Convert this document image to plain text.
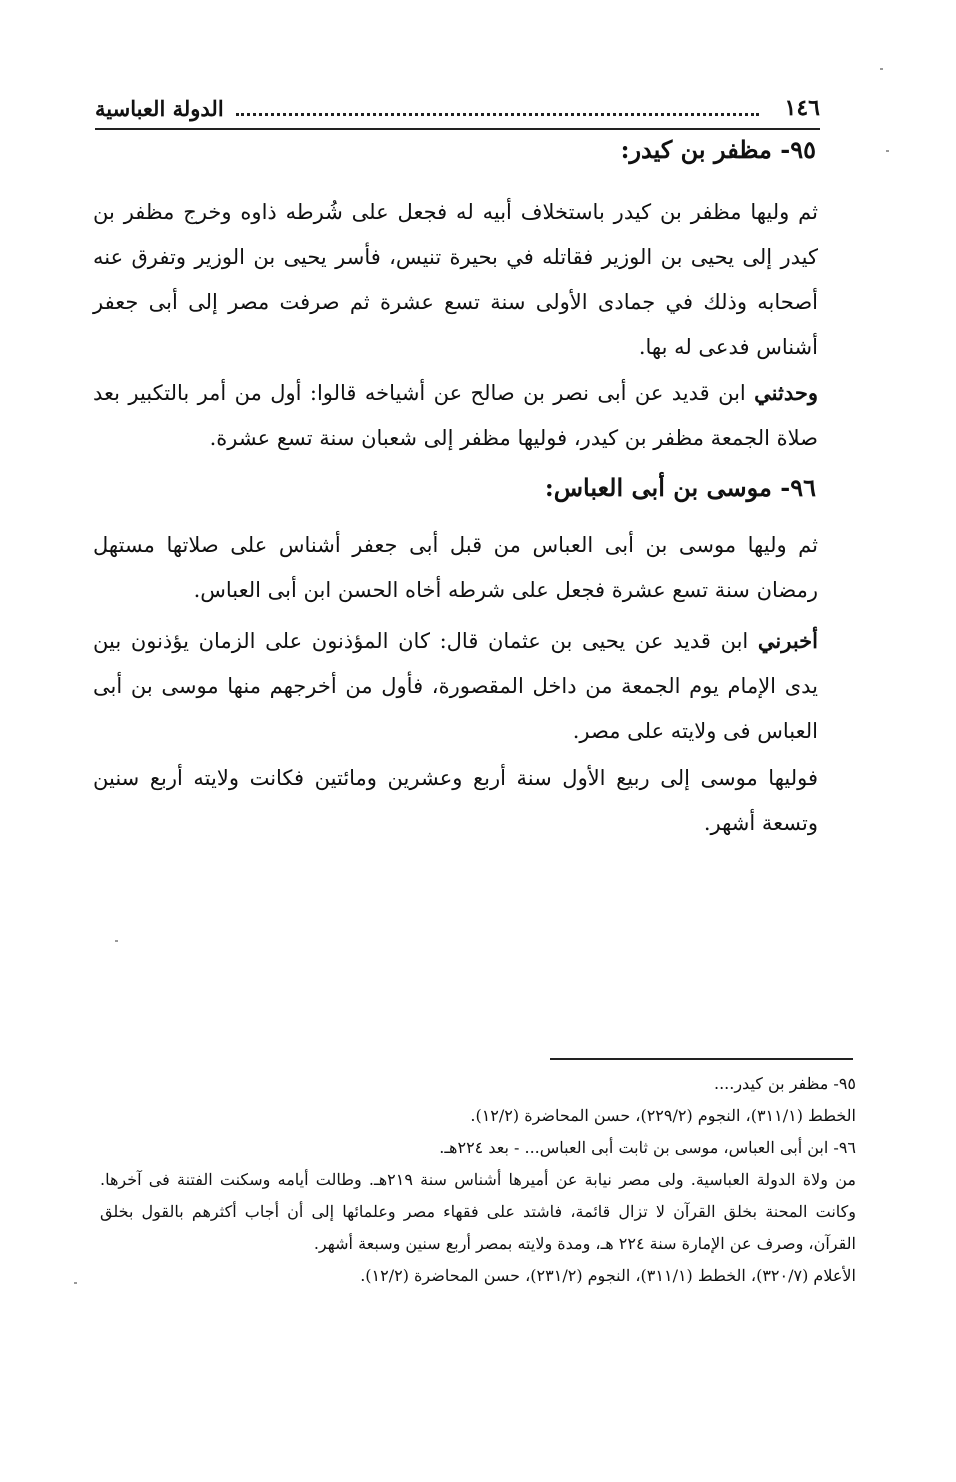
١٤٦
الدولة العباسية
٩٥- مظفر بن كيدر:
ثم وليها مظفر بن كيدر باستخلاف أبيه له فجعل على شُرطه ذاوه وخرج مظفر بن كيدر إلى يحيى بن الوزير فقاتله في بحيرة تنيس، فأسر يحيى بن الوزير وتفرق عنه أصحابه وذلك في جمادى الأولى سنة تسع عشرة ثم صرفت مصر إلى أبى جعفر أشناس فدعى له بها.
وحدثني ابن قديد عن أبى نصر بن صالح عن أشياخه قالوا: أول من أمر بالتكبير بعد صلاة الجمعة مظفر بن كيدر، فوليها مظفر إلى شعبان سنة تسع عشرة.
٩٦- موسى بن أبى العباس:
ثم وليها موسى بن أبى العباس من قبل أبى جعفر أشناس على صلاتها مستهل رمضان سنة تسع عشرة فجعل على شرطه أخاه الحسن ابن أبى العباس.
أخبرني ابن قديد عن يحيى بن عثمان قال: كان المؤذنون على الزمان يؤذنون بين يدى الإمام يوم الجمعة من داخل المقصورة، فأول من أخرجهم منها موسى بن أبى العباس فى ولايته على مصر.
فوليها موسى إلى ربيع الأول سنة أربع وعشرين ومائتين فكانت ولايته أربع سنين وتسعة أشهر.
٩٥- مظفر بن كيدر....
الخطط (٣١١/١)، النجوم (٢٢٩/٢)، حسن المحاضرة (١٢/٢).
٩٦- ابن أبى العباس، موسى بن ثابت أبى العباس... - بعد ٢٢٤هـ.
من ولاة الدولة العباسية. ولى مصر نيابة عن أميرها أشناس سنة ٢١٩هـ. وطالت أيامه وسكنت الفتنة فى آخرها. وكانت المحنة بخلق القرآن لا تزال قائمة، فاشتد على فقهاء مصر وعلمائها إلى أن أجاب أكثرهم بالقول بخلق القرآن، وصرف عن الإمارة سنة ٢٢٤ هـ، ومدة ولايته بمصر أربع سنين وسبعة أشهر.
الأعلام (٣٢٠/٧)، الخطط (٣١١/١)، النجوم (٢٣١/٢)، حسن المحاضرة (١٢/٢).
